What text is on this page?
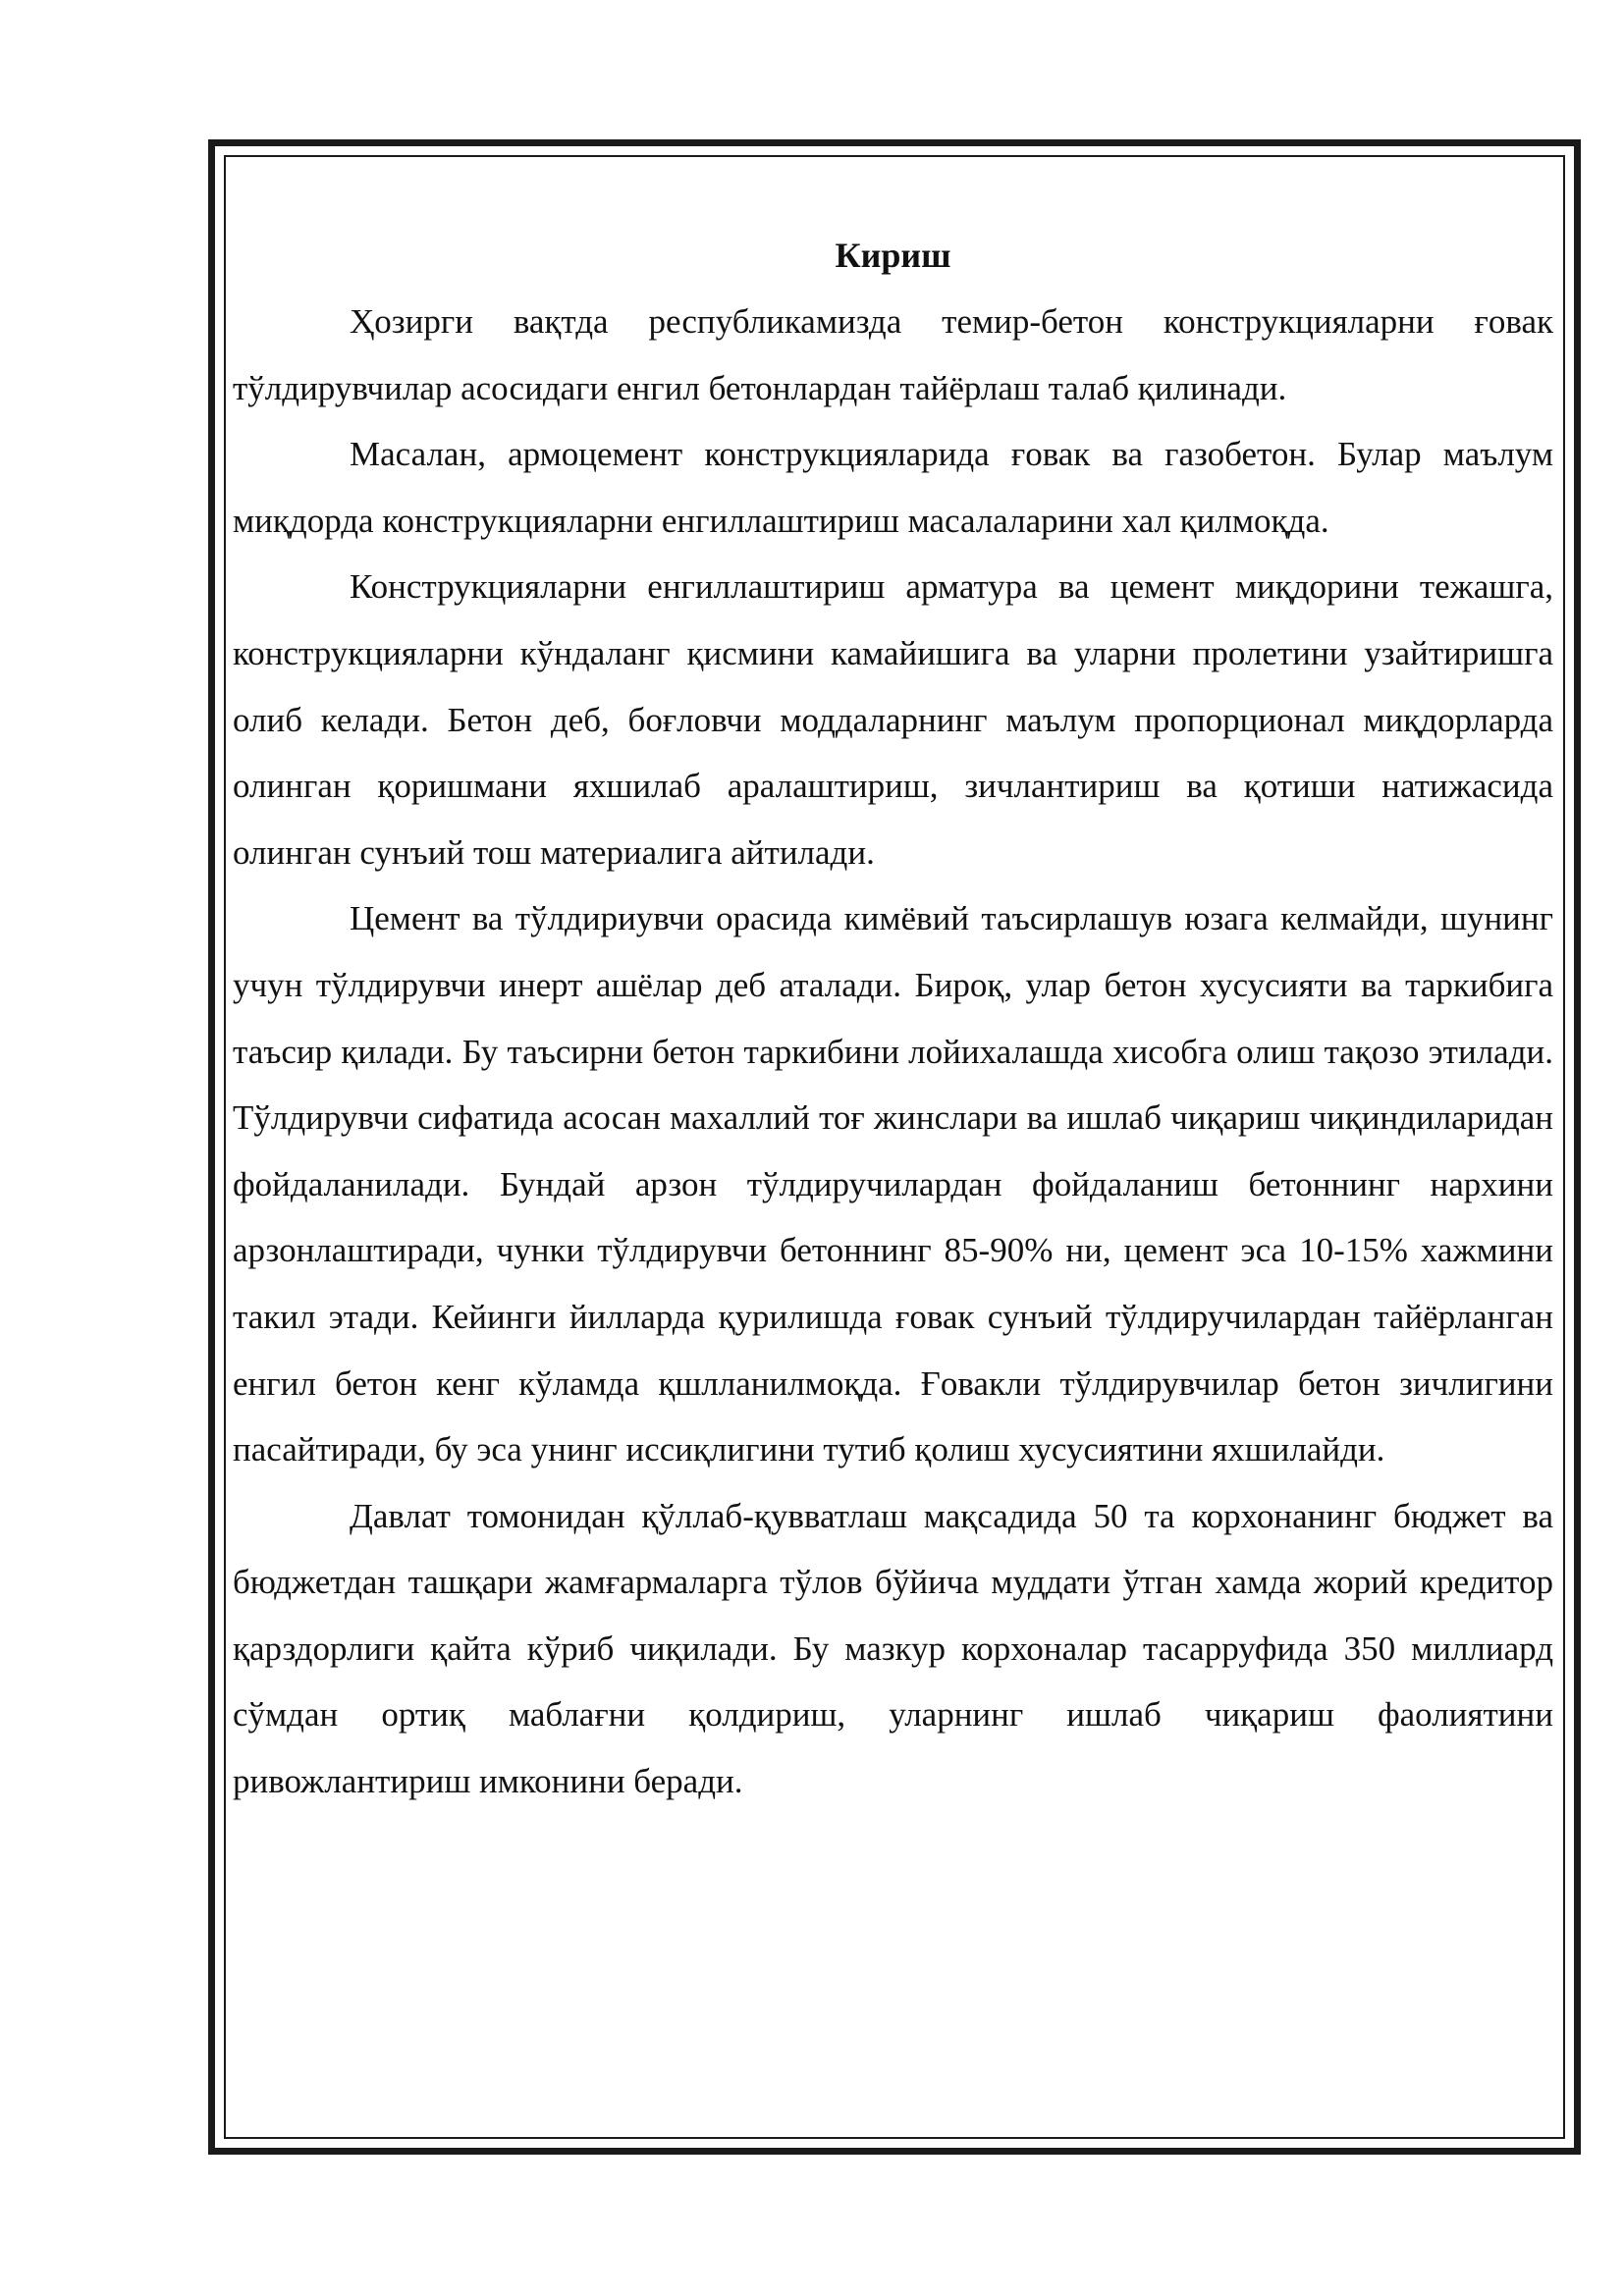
Кириш

Ҳозирги вақтда республикамизда темир-бетон конструкцияларни ғовак тўлдирувчилар асосидаги енгил бетонлардан тайёрлаш талаб қилинади.

Масалан, армоцемент конструкцияларида ғовак ва газобетон. Булар маълум миқдорда конструкцияларни енгиллаштириш масалаларини хал қилмоқда.

Конструкцияларни енгиллаштириш арматура ва цемент миқдорини тежашга, конструкцияларни кўндаланг қисмини камайишига ва уларни пролетини узайтиришга олиб келади. Бетон деб, боғловчи моддаларнинг маълум пропорционал миқдорларда олинган қоришмани яхшилаб аралаштириш, зичлантириш ва қотиши натижасида олинган сунъий тош материалига айтилади.

Цемент ва тўлдириувчи орасида кимёвий таъсирлашув юзага келмайди, шунинг учун тўлдирувчи инерт ашёлар деб аталади. Бироқ, улар бетон хусусияти ва таркибига таъсир қилади. Бу таъсирни бетон таркибини лойихалашда хисобга олиш тақозо этилади. Тўлдирувчи сифатида асосан махаллий тоғ жинслари ва ишлаб чиқариш чиқиндиларидан фойдаланилади. Бундай арзон тўлдиручилардан фойдаланиш бетоннинг нархини арзонлаштиради, чунки тўлдирувчи бетоннинг 85-90% ни, цемент эса 10-15% хажмини такил этади. Кейинги йилларда қурилишда ғовак сунъий тўлдиручилардан тайёрланган енгил бетон кенг кўламда қшлланилмоқда. Ғовакли тўлдирувчилар бетон зичлигини пасайтиради, бу эса унинг иссиқлигини тутиб қолиш хусусиятини яхшилайди.

Давлат томонидан қўллаб-қувватлаш мақсадида 50 та корхонанинг бюджет ва бюджетдан ташқари жамғармаларга тўлов бўйича муддати ўтган хамда жорий кредитор қарздорлиги қайта кўриб чиқилади. Бу мазкур корхоналар тасарруфида 350 миллиард сўмдан ортиқ маблағни қолдириш, уларнинг ишлаб чиқариш фаолиятини ривожлантириш имконини беради.
